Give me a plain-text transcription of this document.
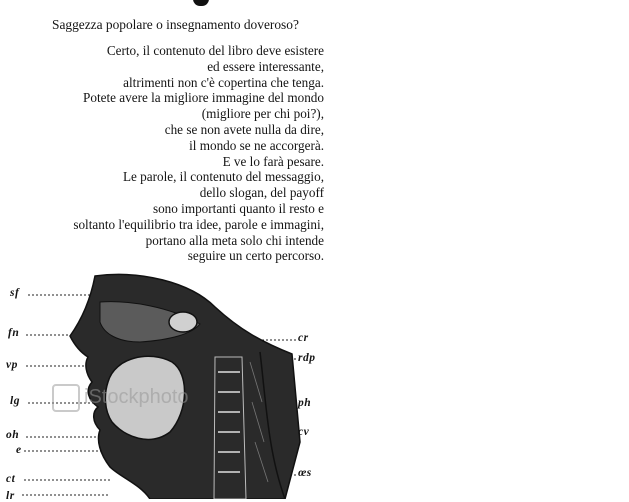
Saggezza popolare o insegnamento doveroso?
Certo, il contenuto del libro deve esistere
ed essere interessante,
altrimenti non c'è copertina che tenga.
Potete avere la migliore immagine del mondo
(migliore per chi poi?),
che se non avete nulla da dire,
il mondo se ne accorgerà.
E ve lo farà pesare.
Le parole, il contenuto del messaggio,
dello slogan, del payoff
sono importanti quanto il resto e
soltanto l'equilibrio tra idee, parole e immagini,
portano alla meta solo chi intende
seguire un certo percorso.
sf
fn
vp
lg
oh
e
ct
lr
cr
rdp
ph
cv
œs
iStockphoto
